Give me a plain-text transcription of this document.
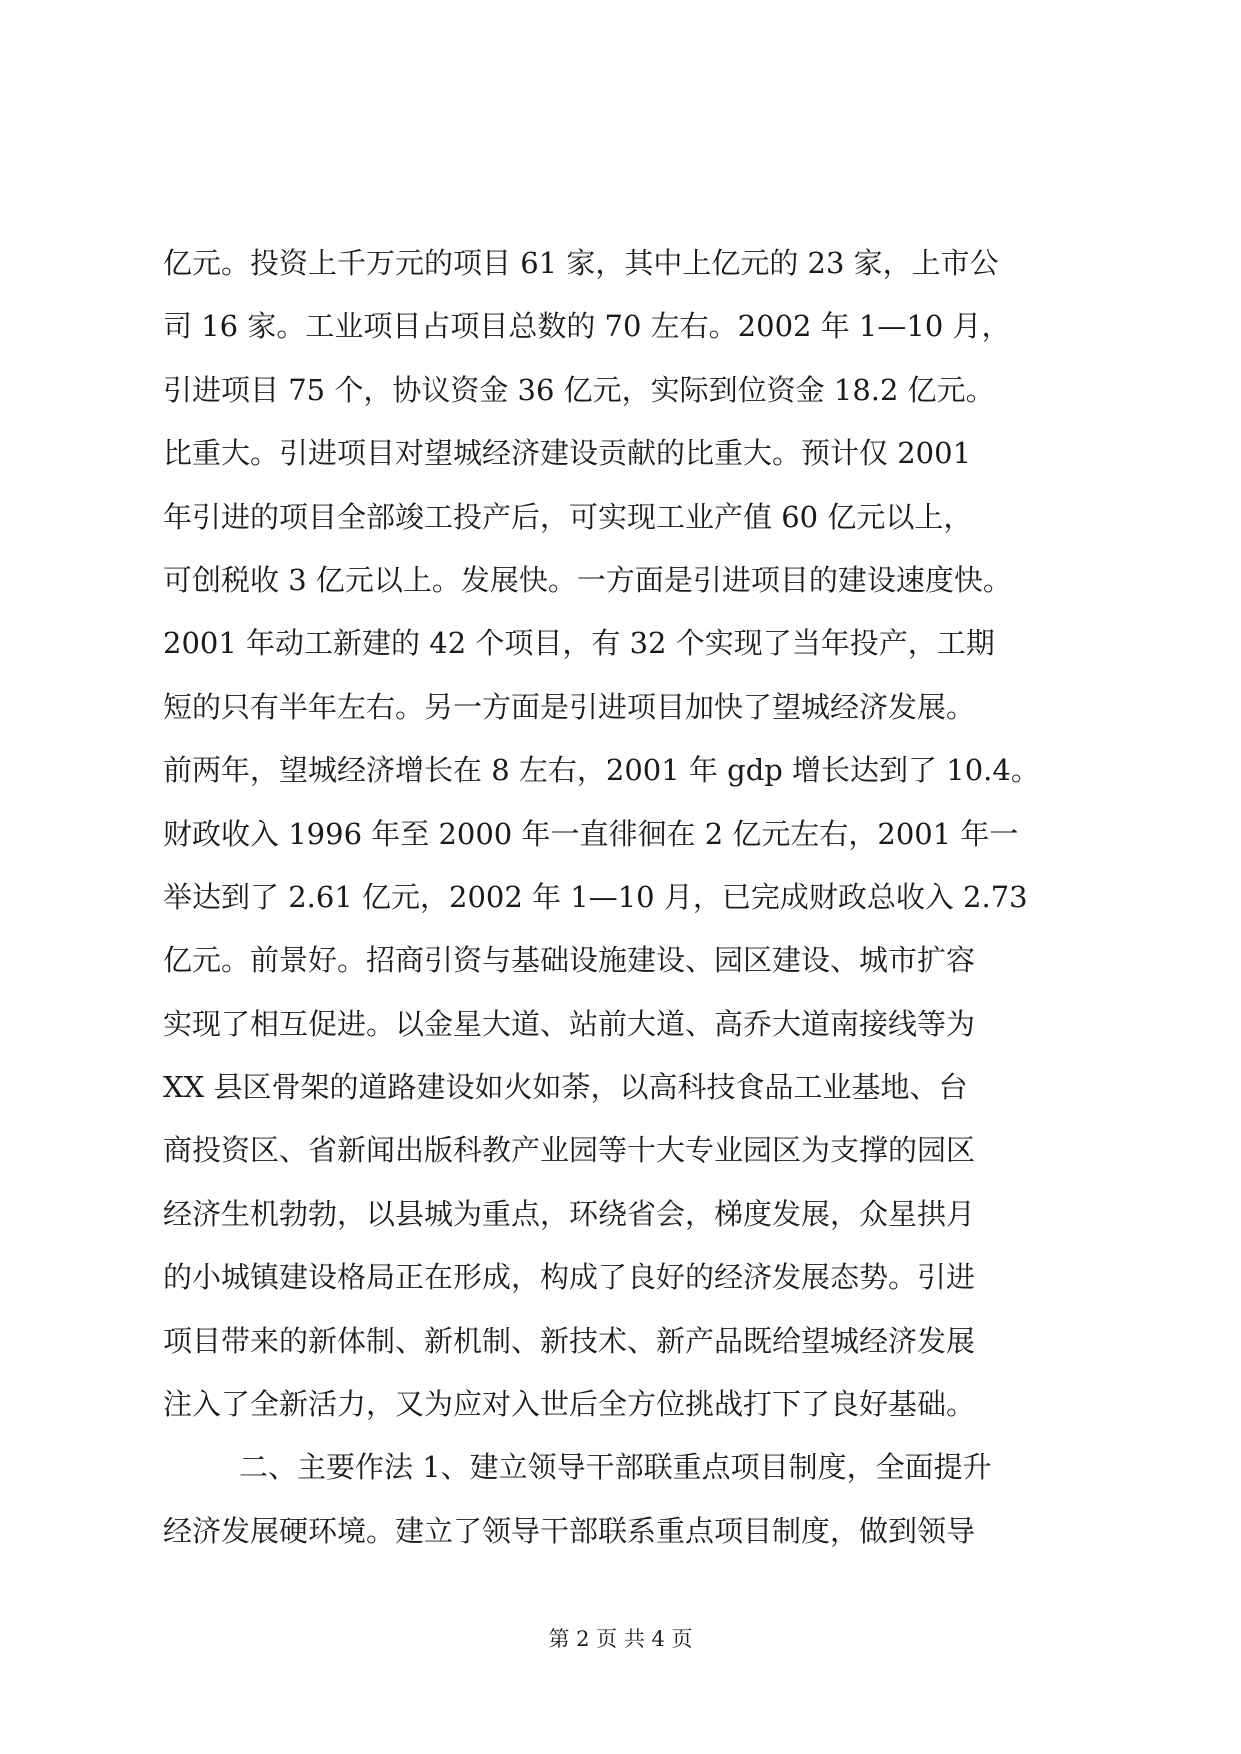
亿元。投资上千万元的项目 61 家，其中上亿元的 23 家，上市公
司 16 家。工业项目占项目总数的 70 左右。2002 年 1—10 月，
引进项目 75 个，协议资金 36 亿元，实际到位资金 18.2 亿元。
比重大。引进项目对望城经济建设贡献的比重大。预计仅 2001
年引进的项目全部竣工投产后，可实现工业产值 60 亿元以上，
可创税收 3 亿元以上。发展快。一方面是引进项目的建设速度快。
2001 年动工新建的 42 个项目，有 32 个实现了当年投产，工期
短的只有半年左右。另一方面是引进项目加快了望城经济发展。
前两年，望城经济增长在 8 左右，2001 年 gdp 增长达到了 10.4。
财政收入 1996 年至 2000 年一直徘徊在 2 亿元左右，2001 年一
举达到了 2.61 亿元，2002 年 1—10 月，已完成财政总收入 2.73
亿元。前景好。招商引资与基础设施建设、园区建设、城市扩容
实现了相互促进。以金星大道、站前大道、高乔大道南接线等为
XX 县区骨架的道路建设如火如荼，以高科技食品工业基地、台
商投资区、省新闻出版科教产业园等十大专业园区为支撑的园区
经济生机勃勃，以县城为重点，环绕省会，梯度发展，众星拱月
的小城镇建设格局正在形成，构成了良好的经济发展态势。引进
项目带来的新体制、新机制、新技术、新产品既给望城经济发展
注入了全新活力，又为应对入世后全方位挑战打下了良好基础。
二、主要作法 1、建立领导干部联重点项目制度，全面提升
经济发展硬环境。建立了领导干部联系重点项目制度，做到领导
第 2 页 共 4 页
